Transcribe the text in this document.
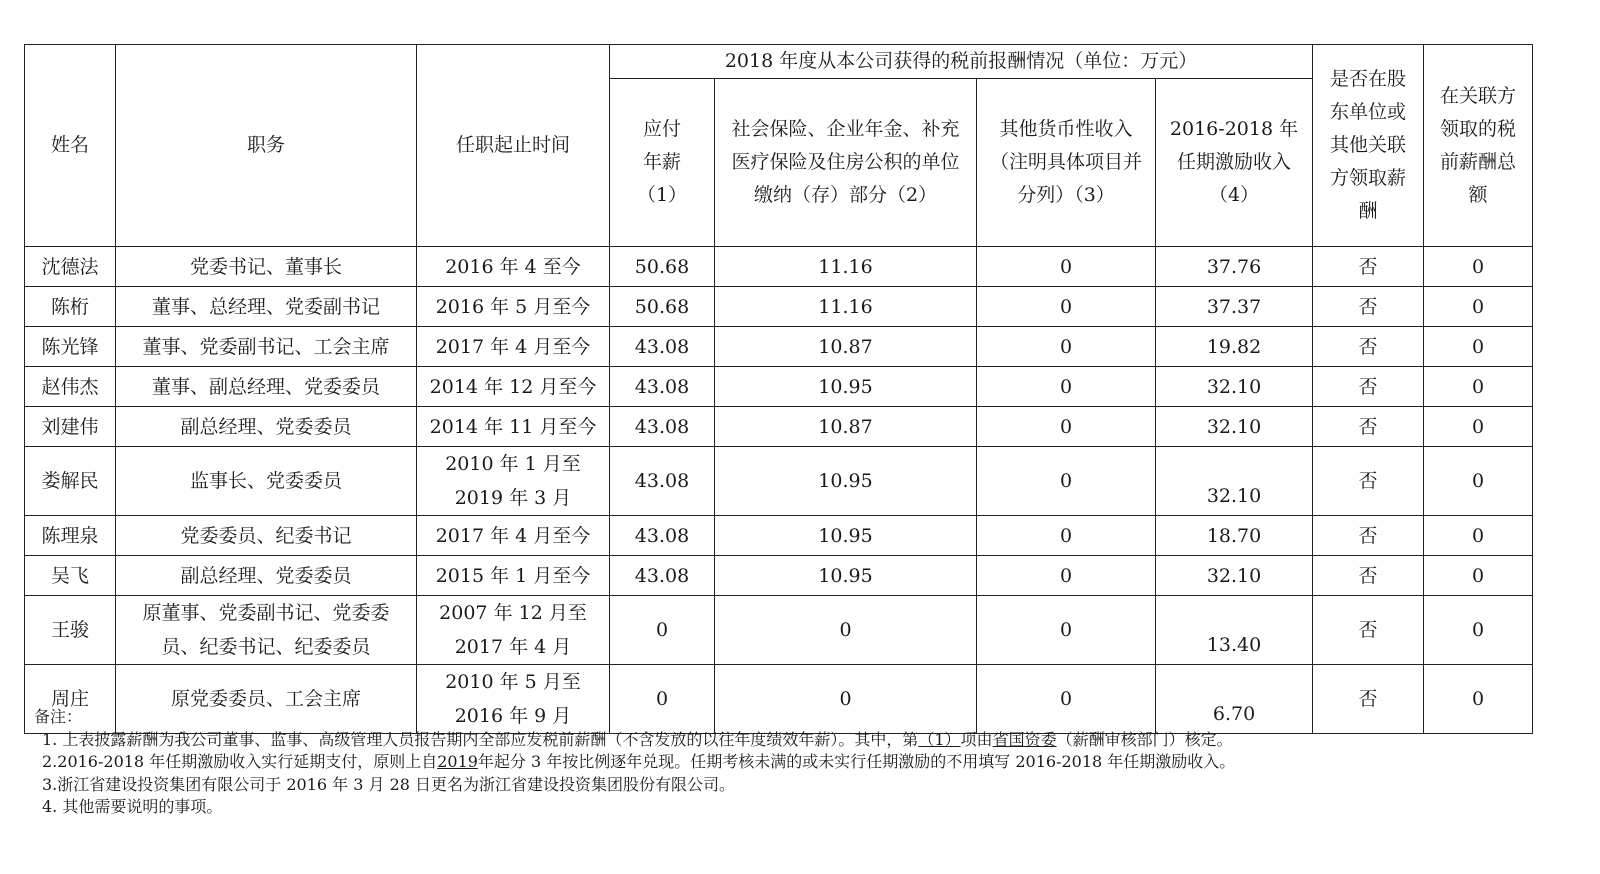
姓名	职务	任职起止时间	2018 年度从本公司获得的税前报酬情况（单位：万元）				是否在股东单位或其他关联方领取薪酬	在关联方领取的税前薪酬总额
			应付年薪（1）	社会保险、企业年金、补充医疗保险及住房公积的单位缴纳（存）部分（2）	其他货币性收入（注明具体项目并分列）（3）	2016-2018 年任期激励收入（4）		
沈德法	党委书记、董事长	2016 年 4 至今	50.68	11.16	0	37.76	否	0
陈桁	董事、总经理、党委副书记	2016 年 5 月至今	50.68	11.16	0	37.37	否	0
陈光锋	董事、党委副书记、工会主席	2017 年 4 月至今	43.08	10.87	0	19.82	否	0
赵伟杰	董事、副总经理、党委委员	2014 年 12 月至今	43.08	10.95	0	32.10	否	0
刘建伟	副总经理、党委委员	2014 年 11 月至今	43.08	10.87	0	32.10	否	0
娄解民	监事长、党委委员	2010 年 1 月至 2019 年 3 月	43.08	10.95	0	32.10	否	0
陈理泉	党委委员、纪委书记	2017 年 4 月至今	43.08	10.95	0	18.70	否	0
吴飞	副总经理、党委委员	2015 年 1 月至今	43.08	10.95	0	32.10	否	0
王骏	原董事、党委副书记、党委委员、纪委书记、纪委委员	2007 年 12 月至 2017 年 4 月	0	0	0	13.40	否	0
周庄	原党委委员、工会主席	2010 年 5 月至 2016 年 9 月	0	0	0	6.70	否	0
备注：
1. 上表披露薪酬为我公司董事、监事、高级管理人员报告期内全部应发税前薪酬（不含发放的以往年度绩效年薪）。其中，第（1）项由省国资委（薪酬审核部门）核定。
2.2016-2018 年任期激励收入实行延期支付，原则上自2019年起分 3 年按比例逐年兑现。任期考核未满的或未实行任期激励的不用填写 2016-2018 年任期激励收入。
3.浙江省建设投资集团有限公司于 2016 年 3 月 28 日更名为浙江省建设投资集团股份有限公司。
4. 其他需要说明的事项。
